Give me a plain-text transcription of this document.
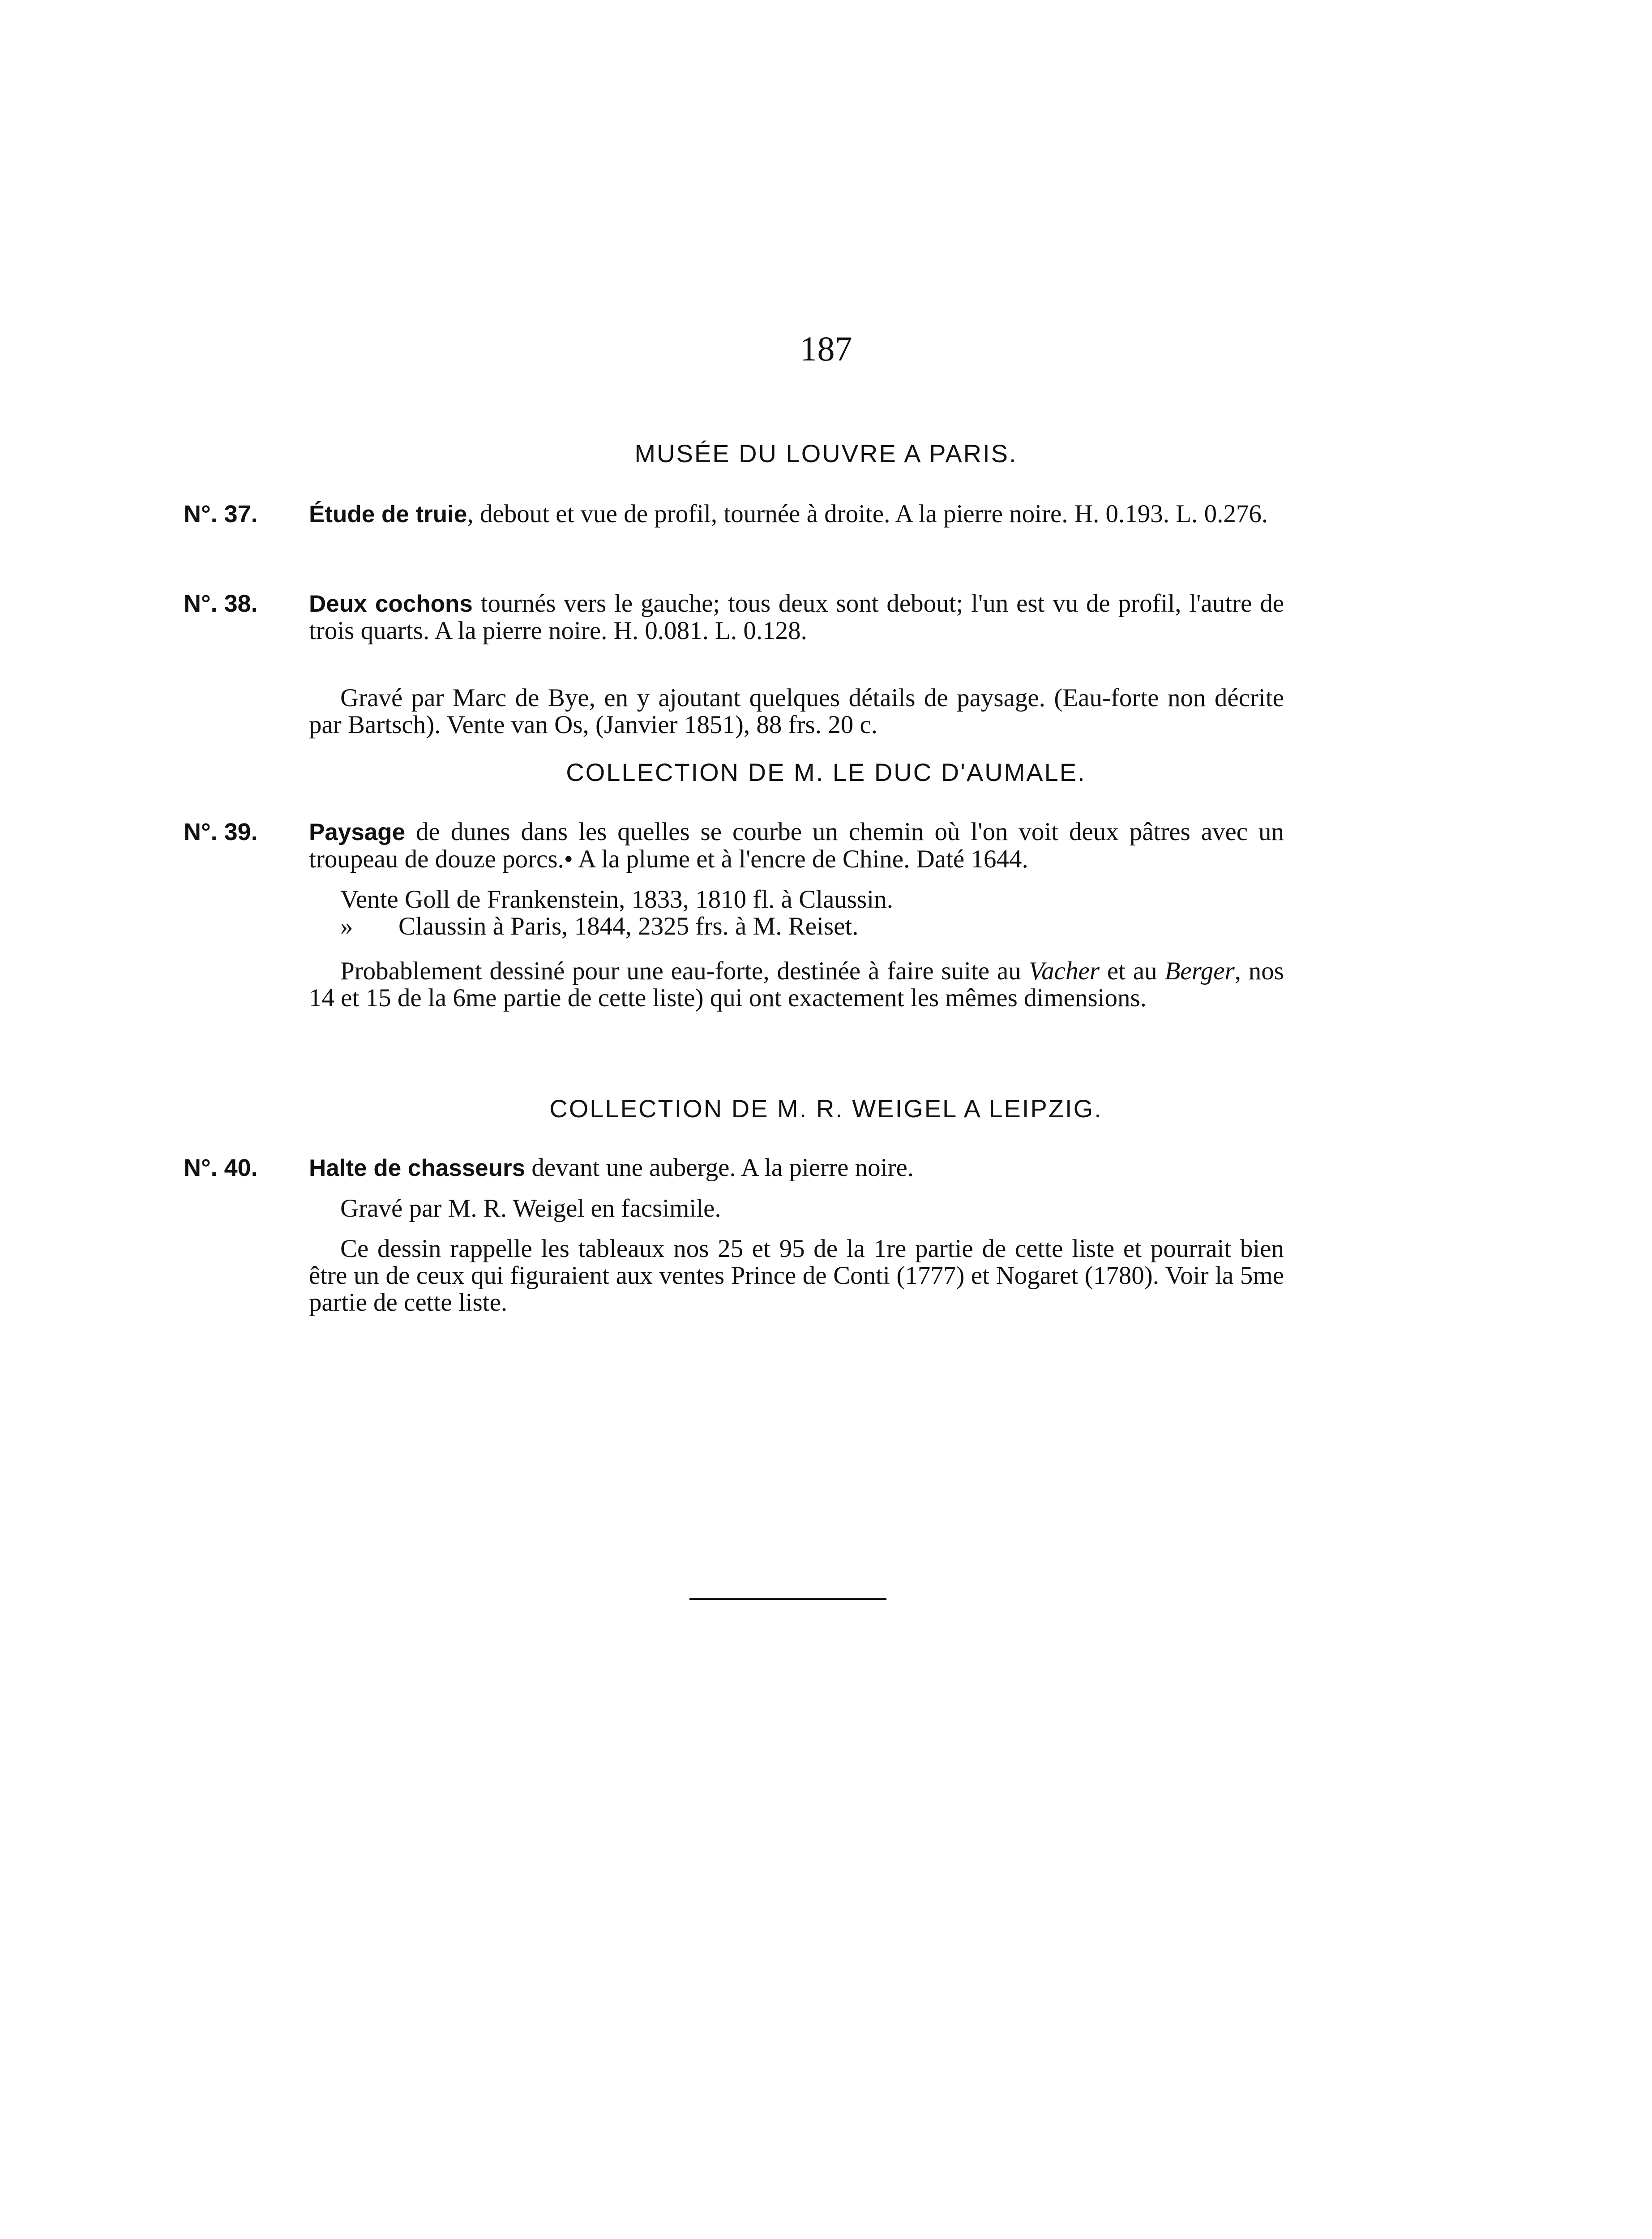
187
MUSÉE DU LOUVRE A PARIS.
N°. 37. Étude de truie, debout et vue de profil, tournée à droite. A la pierre noire. H. 0.193. L. 0.276.

N°. 38. Deux cochons tournés vers le gauche; tous deux sont debout; l'un est vu de profil, l'autre de trois quarts. A la pierre noire. H. 0.081. L. 0.128.

Gravé par Marc de Bye, en y ajoutant quelques détails de paysage. (Eau-forte non décrite par Bartsch). Vente van Os, (Janvier 1851), 88 frs. 20 c.

COLLECTION DE M. LE DUC D'AUMALE.
N°. 39. Paysage de dunes dans les quelles se courbe un chemin où l'on voit deux pâtres avec un troupeau de douze porcs.• A la plume et à l'encre de Chine. Daté 1644.

Vente Goll de Frankenstein, 1833, 1810 fl. à Claussin.
» Claussin à Paris, 1844, 2325 frs. à M. Reiset.

Probablement dessiné pour une eau-forte, destinée à faire suite au Vacher et au Berger, nos 14 et 15 de la 6me partie de cette liste) qui ont exactement les mêmes dimensions.

COLLECTION DE M. R. WEIGEL A LEIPZIG.
N°. 40. Halte de chasseurs devant une auberge. A la pierre noire.

Gravé par M. R. Weigel en facsimile.

Ce dessin rappelle les tableaux nos 25 et 95 de la 1re partie de cette liste et pourrait bien être un de ceux qui figuraient aux ventes Prince de Conti (1777) et Nogaret (1780). Voir la 5me partie de cette liste.
